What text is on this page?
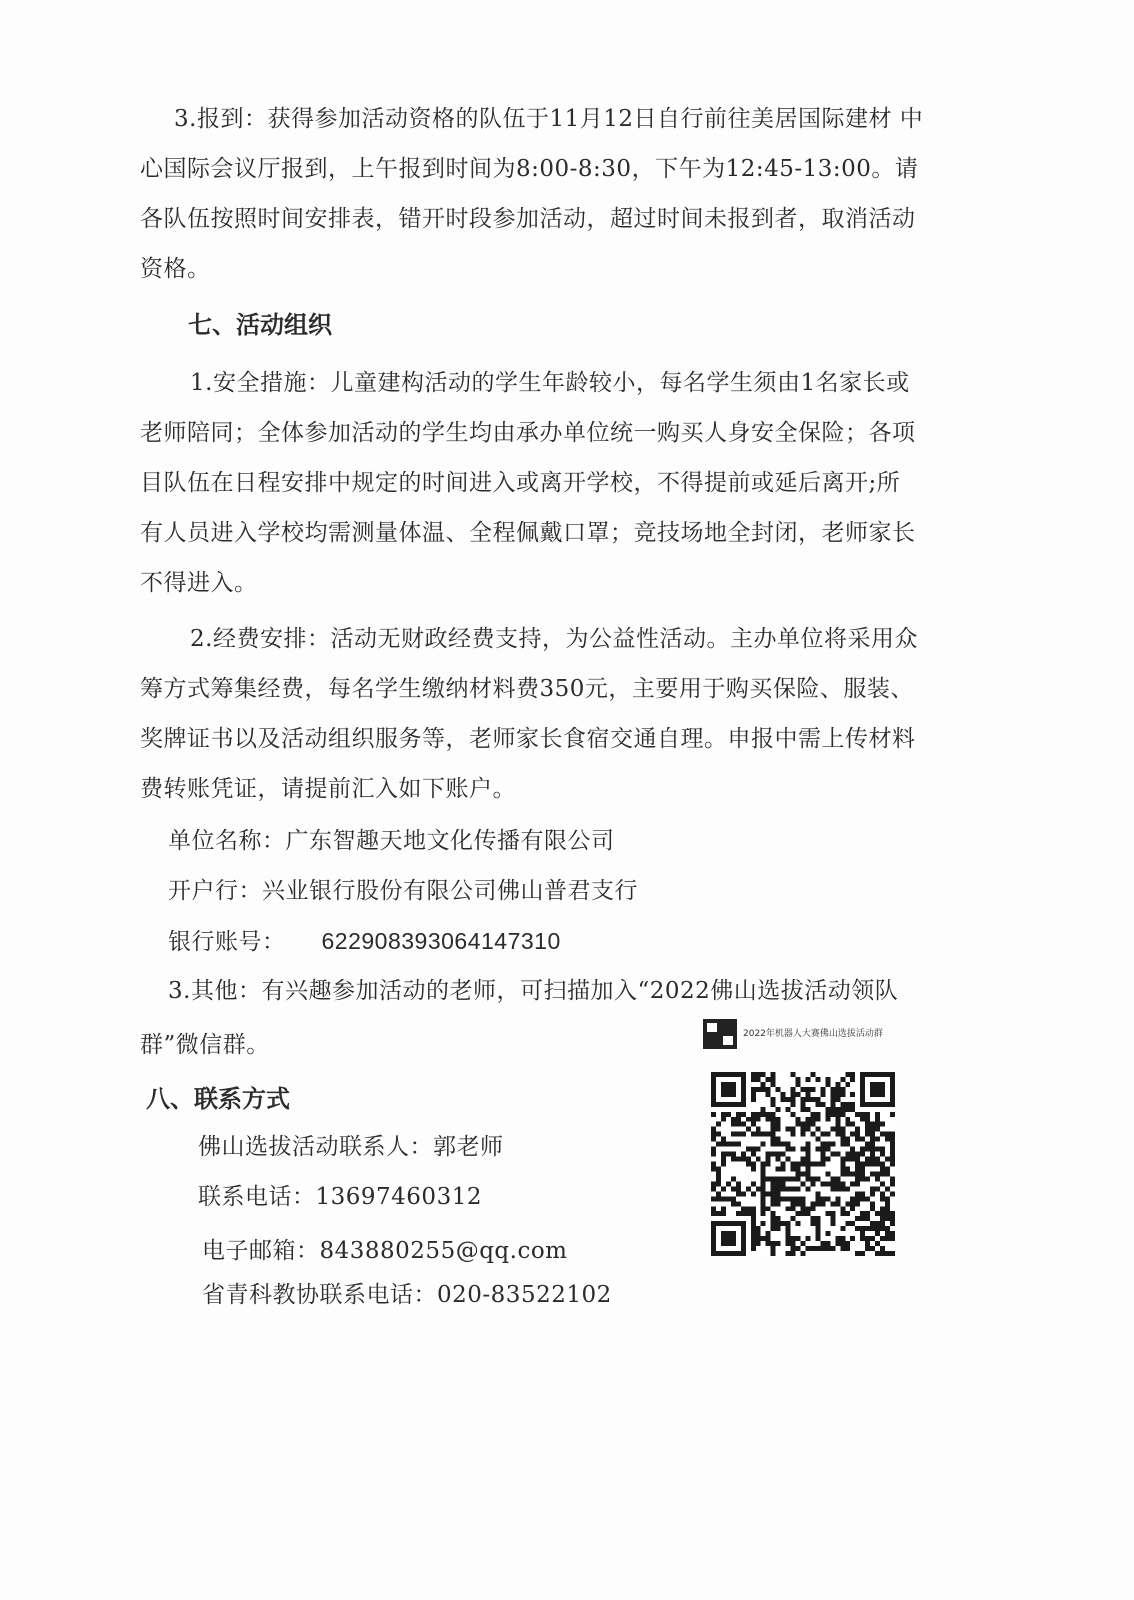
3.报到：获得参加活动资格的队伍于11月12日自行前往美居国际建材 中
心国际会议厅报到，上午报到时间为8:00-8:30，下午为12:45-13:00。请
各队伍按照时间安排表，错开时段参加活动，超过时间未报到者，取消活动
资格。
七、活动组织
1.安全措施：儿童建构活动的学生年龄较小，每名学生须由1名家长或
老师陪同；全体参加活动的学生均由承办单位统一购买人身安全保险；各项
目队伍在日程安排中规定的时间进入或离开学校，不得提前或延后离开;所
有人员进入学校均需测量体温、全程佩戴口罩；竞技场地全封闭，老师家长
不得进入。
2.经费安排：活动无财政经费支持，为公益性活动。主办单位将采用众
筹方式筹集经费，每名学生缴纳材料费350元，主要用于购买保险、服装、
奖牌证书以及活动组织服务等，老师家长食宿交通自理。申报中需上传材料
费转账凭证，请提前汇入如下账户。
单位名称：广东智趣天地文化传播有限公司
开户行：兴业银行股份有限公司佛山普君支行
银行账号： 622908393064147310
3.其他：有兴趣参加活动的老师，可扫描加入“2022佛山选拔活动领队
群”微信群。
八、联系方式
佛山选拔活动联系人：郭老师
联系电话：13697460312
电子邮箱：843880255@qq.com
省青科教协联系电话：020-83522102
2022年机器人大赛佛山选拔活动群
